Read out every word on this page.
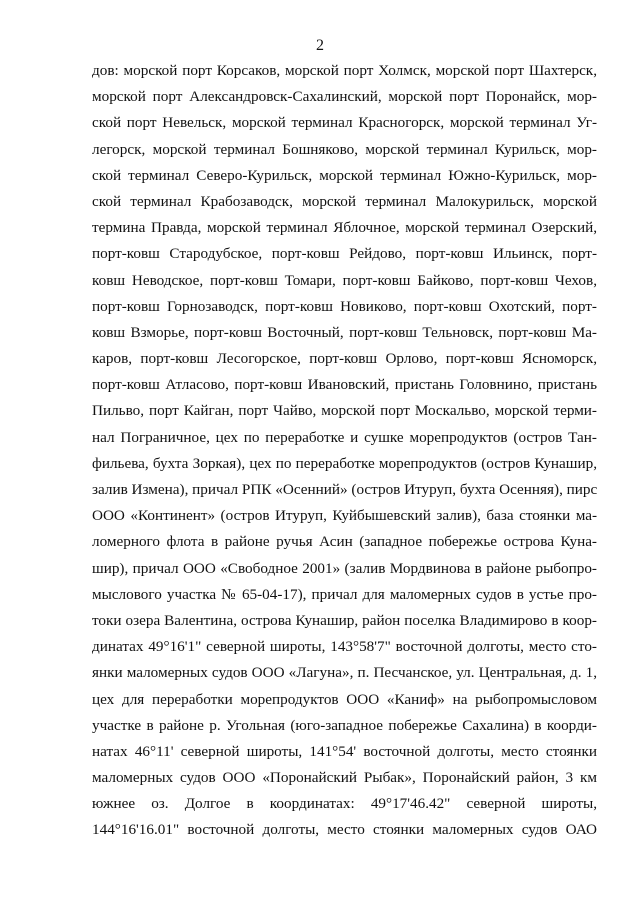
2
дов: морской порт Корсаков, морской порт Холмск, морской порт Шахтерск,
морской порт Александровск-Сахалинский, морской порт Поронайск, мор-
ской порт Невельск, морской терминал Красногорск, морской терминал Уг-
легорск, морской терминал Бошняково, морской терминал Курильск, мор-
ской терминал Северо-Курильск, морской терминал Южно-Курильск, мор-
ской терминал Крабозаводск, морской терминал Малокурильск, морской
термина Правда, морской терминал Яблочное, морской терминал Озерский,
порт-ковш Стародубское, порт-ковш Рейдово, порт-ковш Ильинск, порт-
ковш Неводское, порт-ковш Томари, порт-ковш Байково, порт-ковш Чехов,
порт-ковш Горнозаводск, порт-ковш Новиково, порт-ковш Охотский, порт-
ковш Взморье, порт-ковш Восточный, порт-ковш Тельновск, порт-ковш Ма-
каров, порт-ковш Лесогорское, порт-ковш Орлово, порт-ковш Ясноморск,
порт-ковш Атласово, порт-ковш Ивановский, пристань Головнино, пристань
Пильво, порт Кайган, порт Чайво, морской порт Москальво, морской терми-
нал Пограничное, цех по переработке и сушке морепродуктов (остров Тан-
фильева, бухта Зоркая), цех по переработке морепродуктов (остров Кунашир,
залив Измена), причал РПК «Осенний» (остров Итуруп, бухта Осенняя), пирс
ООО «Континент» (остров Итуруп, Куйбышевский залив), база стоянки ма-
ломерного флота в районе ручья Асин (западное побережье острова Куна-
шир), причал ООО «Свободное 2001» (залив Мордвинова в районе рыбопро-
мыслового участка № 65-04-17), причал для маломерных судов в устье про-
токи озера Валентина, острова Кунашир, район поселка Владимирово в коор-
динатах 49°16'1" северной широты, 143°58'7" восточной долготы, место сто-
янки маломерных судов ООО «Лагуна», п. Песчанское, ул. Центральная, д. 1,
цех для переработки морепродуктов ООО «Каниф» на рыбопромысловом
участке в районе р. Угольная (юго-западное побережье Сахалина) в коорди-
натах 46°11' северной широты, 141°54' восточной долготы, место стоянки
маломерных судов ООО «Поронайский Рыбак», Поронайский район, 3 км
южнее оз. Долгое в координатах: 49°17'46.42" северной широты,
144°16'16.01" восточной долготы, место стоянки маломерных судов ОАО
